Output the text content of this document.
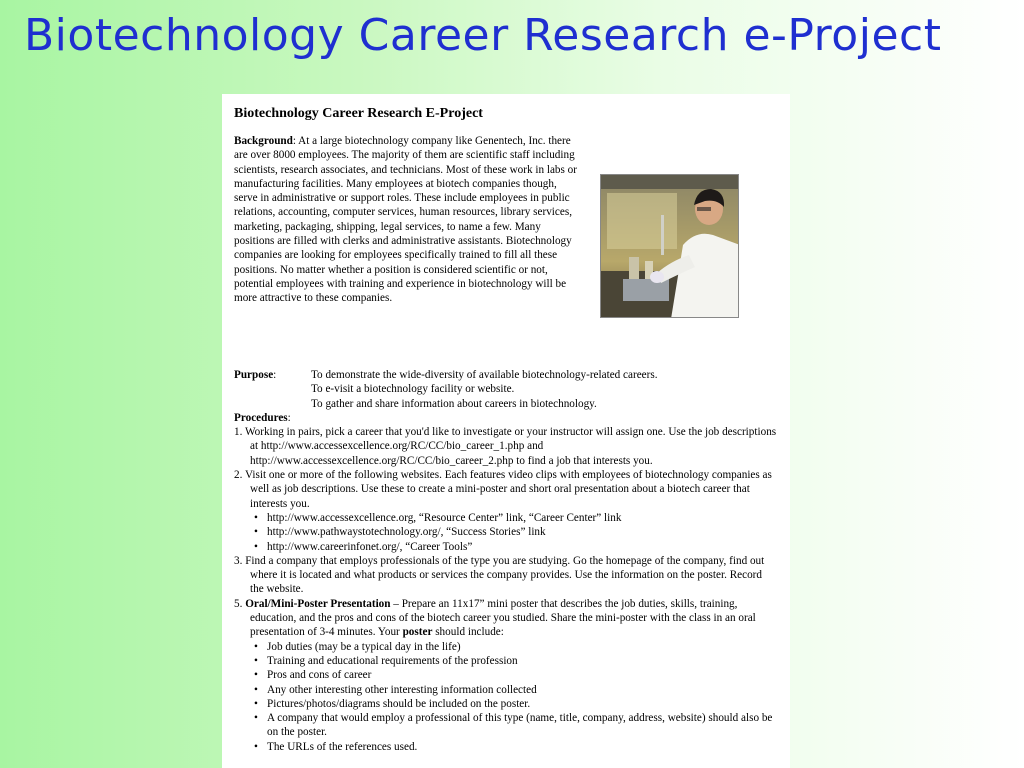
Biotechnology Career Research e-Project
Biotechnology Career Research E-Project
Background: At a large biotechnology company like Genentech, Inc. there are over 8000 employees. The majority of them are scientific staff including scientists, research associates, and technicians. Most of these work in labs or manufacturing facilities. Many employees at biotech companies though, serve in administrative or support roles. These include employees in public relations, accounting, computer services, human resources, library services, marketing, packaging, shipping, legal services, to name a few. Many positions are filled with clerks and administrative assistants. Biotechnology companies are looking for employees specifically trained to fill all these positions. No matter whether a position is considered scientific or not, potential employees with training and experience in biotechnology will be more attractive to these companies.
Purpose:	To demonstrate the wide-diversity of available biotechnology-related careers.
To e-visit a biotechnology facility or website.
To gather and share information about careers in biotechnology.
Procedures:
1. Working in pairs, pick a career that you'd like to investigate or your instructor will assign one. Use the job descriptions at http://www.accessexcellence.org/RC/CC/bio_career_1.php and http://www.accessexcellence.org/RC/CC/bio_career_2.php to find a job that interests you.
2. Visit one or more of the following websites. Each features video clips with employees of biotechnology companies as well as job descriptions. Use these to create a mini-poster and short oral presentation about a biotech career that interests you.
• http://www.accessexcellence.org, “Resource Center” link, “Career Center” link
• http://www.pathwaystotechnology.org/, “Success Stories” link
• http://www.careerinfonet.org/, “Career Tools”
3. Find a company that employs professionals of the type you are studying. Go the homepage of the company, find out where it is located and what products or services the company provides. Use the information on the poster. Record the website.
5. Oral/Mini-Poster Presentation – Prepare an 11x17” mini poster that describes the job duties, skills, training, education, and the pros and cons of the biotech career you studied. Share the mini-poster with the class in an oral presentation of 3-4 minutes. Your poster should include:
• Job duties (may be a typical day in the life)
• Training and educational requirements of the profession
• Pros and cons of career
• Any other interesting other interesting information collected
• Pictures/photos/diagrams should be included on the poster.
• A company that would employ a professional of this type (name, title, company, address, website) should also be on the poster.
• The URLs of the references used.
